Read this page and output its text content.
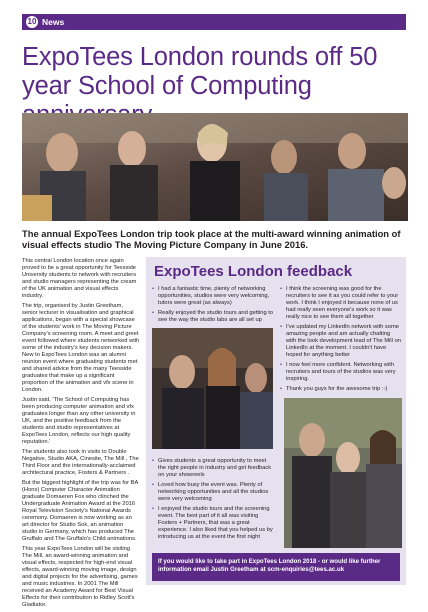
10 News
ExpoTees London rounds off 50 year School of Computing

The annual ExpoTees London trip took place at the multi-award winning animation of visual effects studio The Moving Picture Company in June 2016.

This central London location once again proved to be a great opportunity for Teesside University students to network with recruiters and studio managers representing the cream of the UK animation and visual effects industry.

The trip, organised by Justin Greetham, senior lecturer in visualisation and graphical applications, began with a special showcase of the students' work in The Moving Picture Company's screening room. A meet and greet event followed where students networked with some of the industry's key decision makers. New to ExpoTees London was an alumni reunion event where graduating students met and shared advice from the many Teesside graduates that make up a significant proportion of the animation and vfx scene in London.

Justin said, 'The School of Computing has been producing computer animation and vfx graduates longer than any other university in UK, and the positive feedback from the students and studio representatives at ExpoTees London, reflects our high quality reputation.'

The students also took in visits to Double Negative, Studio AKA, Cinesite, The Mill , The Third Floor and the internationally-acclaimed architectural practice, Fosters & Partners .

But the biggest highlight of the trip was for BA (Hons) Computer Character Animation graduate Domaeren Fox who clinched the Undergraduate Animation Award at the 2016 Royal Television Society's National Awards ceremony. Domaeren is now working as an art director for Studio Sok, an animation studio in Germany, which has produced The Gruffalo and The Gruffalo's Child animations.

This year ExpoTees London will be visiting The Mill, an award-winning animation and visual effects, respected for high-end visual effects, award-winning moving image, design and digital projects for the advertising, games and music industries. In 2001 The Mill received an Academy Award for Best Visual Effects for their contribution to Ridley Scott's Gladiator.

ExpoTees London feedback
• I had a fantastic time, plenty of networking opportunities, studios were very welcoming, tutors were great (as always)
• Really enjoyed the studio tours and getting to see the way the studio labs are all set up
• I think the screening was good for the recruiters to see it as you could refer to your work. I think I enjoyed it because none of us had really seen everyone's work so it was really nice to see them all together
• I've updated my LinkedIn network with some amazing people and am actually chatting with the look development lead of The Mill on LinkedIn at the moment. I couldn't have hoped for anything better
• I now feel more confident. Networking with recruiters and tours of the studios was very inspiring.
• Thank you guys for the awesome trip :-)
• Gives students a great opportunity to meet the right people in industry and get feedback on your showreels
• Loved how busy the event was. Plenty of networking opportunities and all the studios were very welcoming
• I enjoyed the studio tours and the screening event. The best part of it all was visiting Fosters + Partners, that was a great experience. I also liked that you helped us by introducing us at the event the first night
If you would like to take part in ExpoTees London 2018 - or would like further information email Justin Greetham at scm-enquiries@tees.ac.uk
